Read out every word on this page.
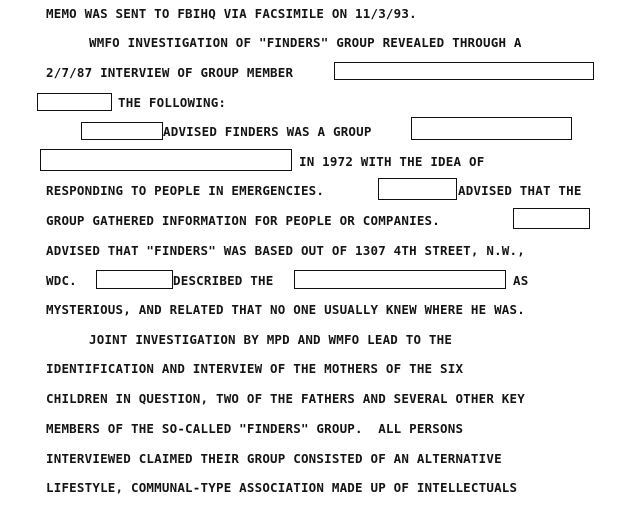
MEMO WAS SENT TO FBIHQ VIA FACSIMILE ON 11/3/93.
WMFO INVESTIGATION OF "FINDERS" GROUP REVEALED THROUGH A
2/7/87 INTERVIEW OF GROUP MEMBER
THE FOLLOWING:
ADVISED FINDERS WAS A GROUP
IN 1972 WITH THE IDEA OF
RESPONDING TO PEOPLE IN EMERGENCIES.	ADVISED THAT THE
GROUP GATHERED INFORMATION FOR PEOPLE OR COMPANIES.
ADVISED THAT "FINDERS" WAS BASED OUT OF 1307 4TH STREET, N.W.,
WDC.	DESCRIBED THE	AS
MYSTERIOUS, AND RELATED THAT NO ONE USUALLY KNEW WHERE HE WAS.
JOINT INVESTIGATION BY MPD AND WMFO LEAD TO THE
IDENTIFICATION AND INTERVIEW OF THE MOTHERS OF THE SIX
CHILDREN IN QUESTION, TWO OF THE FATHERS AND SEVERAL OTHER KEY
MEMBERS OF THE SO-CALLED "FINDERS" GROUP.  ALL PERSONS
INTERVIEWED CLAIMED THEIR GROUP CONSISTED OF AN ALTERNATIVE
LIFESTYLE, COMMUNAL-TYPE ASSOCIATION MADE UP OF INTELLECTUALS
